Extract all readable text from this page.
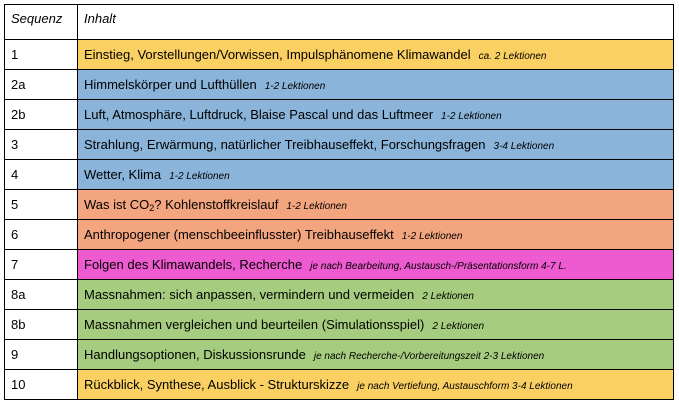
Sequenz	Inhalt
1	Einstieg, Vorstellungen/Vorwissen, Impulsphänomene Klimawandel ca. 2 Lektionen
2a	Himmelskörper und Lufthüllen 1-2 Lektionen
2b	Luft, Atmosphäre, Luftdruck, Blaise Pascal und das Luftmeer 1-2 Lektionen
3	Strahlung, Erwärmung, natürlicher Treibhauseffekt, Forschungsfragen 3-4 Lektionen
4	Wetter, Klima 1-2 Lektionen
5	Was ist $CO_2$? Kohlenstoffkreislauf 1-2 Lektionen
6	Anthropogener (menschbeeinflusster) Treibhauseffekt 1-2 Lektionen
7	Folgen des Klimawandels, Recherche je nach Bearbeitung, Austausch-/Präsentationsform 4-7 L.
8a	Massnahmen: sich anpassen, vermindern und vermeiden 2 Lektionen
8b	Massnahmen vergleichen und beurteilen (Simulationsspiel) 2 Lektionen
9	Handlungsoptionen, Diskussionsrunde je nach Recherche-/Vorbereitungszeit 2-3 Lektionen
10	Rückblick, Synthese, Ausblick - Strukturskizze je nach Vertiefung, Austauschform 3-4 Lektionen
